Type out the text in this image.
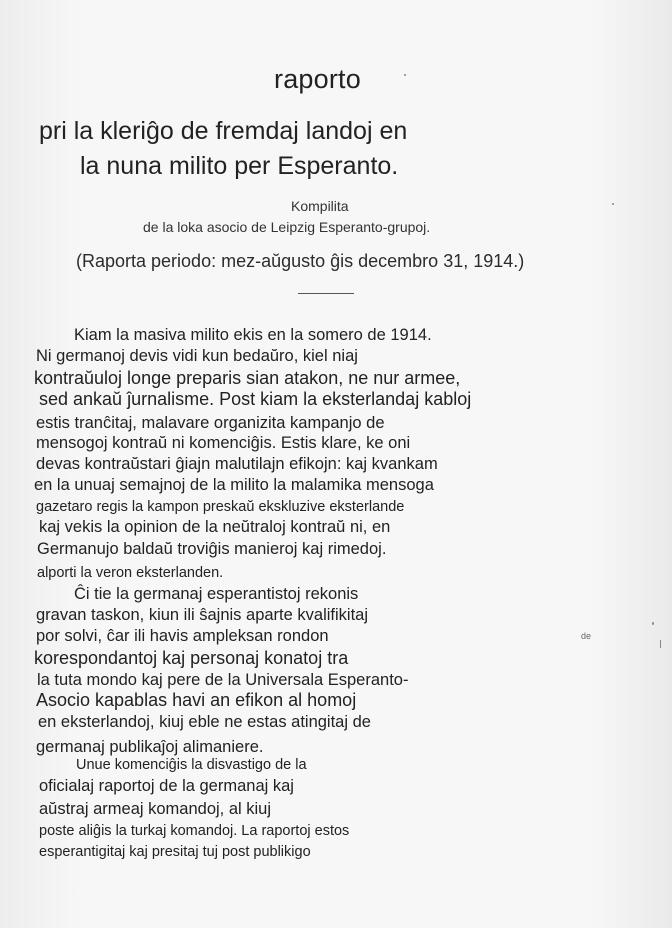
raporto
pri la kleriĝo de fremdaj landoj en
la nuna milito per Esperanto.
Kompilita
de la loka asocio de Leipzig Esperanto-grupoj.
(Raporta periodo: mez-aŭgusto ĝis decembro 31, 1914.)
Kiam la masiva milito ekis en la somero de 1914.
Ni germanoj devis vidi kun bedaŭro, kiel niaj
kontraŭuloj longe preparis sian atakon, ne nur armee,
sed ankaŭ ĵurnalisme. Post kiam la eksterlandaj kabloj
estis tranĉitaj, malavare organizita kampanjo de
mensogoj kontraŭ ni komenciĝis. Estis klare, ke oni
devas kontraŭstari ĝiajn malutilajn efikojn: kaj kvankam
en la unuaj semajnoj de la milito la malamika mensoga
gazetaro regis la kampon preskaŭ ekskluzive eksterlande
kaj vekis la opinion de la neŭtraloj kontraŭ ni, en
Germanujo baldaŭ troviĝis manieroj kaj rimedoj.
alporti la veron eksterlanden.
Ĉi tie la germanaj esperantistoj rekonis
gravan taskon, kiun ili ŝajnis aparte kvalifikitaj
por solvi, ĉar ili havis ampleksan rondon
korespondantoj kaj personaj konatoj tra
la tuta mondo kaj pere de la Universala Esperanto-
Asocio kapablas havi an efikon al homoj
en eksterlandoj, kiuj eble ne estas atingitaj de
germanaj publikaĵoj alimaniere.
Unue komenciĝis la disvastigo de la
oficialaj raportoj de la germanaj kaj
aŭstraj armeaj komandoj, al kiuj
poste aliĝis la turkaj komandoj. La raportoj estos
esperantigitaj kaj presitaj tuj post publikigo
de
